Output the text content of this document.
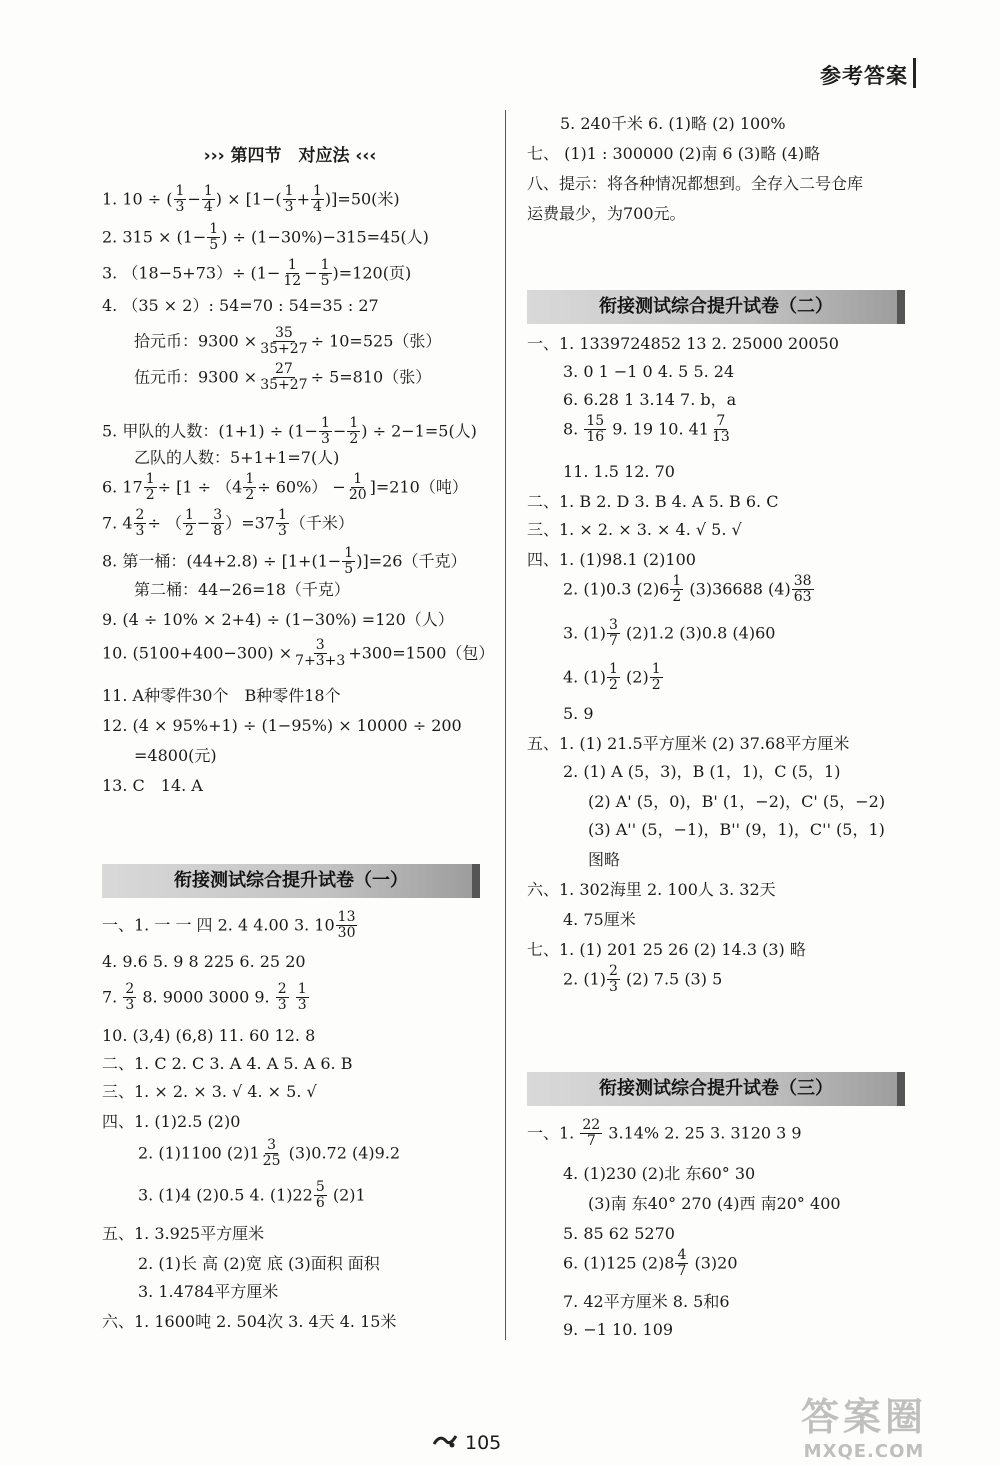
参考答案
››› 第四节　对应法 ‹‹‹
1. 10 ÷ ( $\frac{1}{3} - \frac{1}{4}$ ) × $[1-( \frac{1}{3} + \frac{1}{4} )]=50$(米)
2. $315 \times (1- \frac{1}{5}$ ) ÷ (1−30%)−315=45(人)
3. $(18-5+73)\div (1- \frac{1}{12} - \frac{1}{5} )=120$(页)
4. （35 × 2）: 54=70 : 54=35 : 27
拾元币：$9300 \times \frac{35}{35+27} \div 10=525$（张）
伍元币：$9300 \times \frac{27}{35+27} \div 5=810$（张）
5. 甲队的人数：$(1+1) \div (1- \frac{1}{3} - \frac{1}{2}$ ) ÷ 2−1=5(人)
乙队的人数：5+1+1=7(人)
6. $17 \frac{1}{2} \div [1 \div (4 \frac{1}{2} \div 60\%) - \frac{1}{20} ]=210$（吨）
7. $4 \frac{2}{3}$ ÷ （ $\frac{1}{2} - \frac{3}{8} )=37 \frac{1}{3}$ （千米）
8. 第一桶：$(44+2.8) \div [1+(1- \frac{1}{5} )]=26$（千克）
第二桶：44−26=18（千克）
9. (4 ÷ 10% × 2+4) ÷ (1−30%) =120（人）
10. $(5100+400-300) \times \frac{3}{7+3+3} +300=1500$（包）
11. A种零件30个　B种零件18个
12. (4 × 95%+1) ÷ (1−95%) × 10000 ÷ 200
=4800(元)
13. C　14. A
衔接测试综合提升试卷（一）
一、1. 一 一 四 2. 4 4.00 3. $10 \frac{13}{30}$
4. 9.6 5. 9 8 225 6. 25 20
7. $\frac{2}{3} 8$. 9000 3000 9. $\frac{2}{3}$
$\frac{1}{3}$
10. (3,4) (6,8) 11. 60 12. 8
二、1. C 2. C 3. A 4. A 5. A 6. B
三、1. × 2. × 3. √ 4. × 5. √
四、1. (1)2.5 (2)0
2. (1)1100 $(2)1 \frac{3}{25} (3)0.72$ (4)9.2
3. (1)4 (2)0.5 4. $(1)22 \frac{5}{6} (2)1$
五、1. 3.925平方厘米
2. (1)长 高 (2)宽 底 (3)面积 面积
3. 1.4784平方厘米
六、1. 1600吨 2. 504次 3. 4天 4. 15米
5. 240千米 6. (1)略 (2) 100%
七、 (1)1 : 300000 (2)南 6 (3)略 (4)略
八、提示：将各种情况都想到。全存入二号仓库
运费最少，为700元。
衔接测试综合提升试卷（二）
一、1. 1339724852 13 2. 25000 20050
3. 0 1 −1 0 4. 5 5. 24
6. 6.28 1 3.14 7. b，a
8. $\frac{15}{16} 9$. 19 10. $41 \frac{7}{13}$
11. 1.5 12. 70
二、1. B 2. D 3. B 4. A 5. B 6. C
三、1. × 2. × 3. × 4. √ 5. √
四、1. (1)98.1 (2)100
2. (1)0.3 $(2)6 \frac{1}{2} (3)36688$ $(4) \frac{38}{63}$
3. $(1) \frac{3}{7} (2)1.2$ (3)0.8 (4)60
4. $(1) \frac{1}{2} (2) \frac{1}{2}$
5. 9
五、1. (1) 21.5平方厘米 (2) 37.68平方厘米
2. (1) A (5，3)，B (1，1)，C (5，1)
(2) A' (5，0)，B' (1，−2)，C' (5，−2)
(3) A'' (5，−1)，B'' (9，1)，C'' (5，1)
图略
六、1. 302海里 2. 100人 3. 32天
4. 75厘米
七、1. (1) 201 25 26 (2) 14.3 (3) 略
2. $(1) \frac{2}{3} (2)$ 7.5 (3) 5
衔接测试综合提升试卷（三）
一、1. $\frac{22}{7} 3.14\%$ 2. 25 3. 3120 3 9
4. (1)230 (2)北 东60° 30
(3)南 东40° 270 (4)西 南20° 400
5. 85 62 5270
6. (1)125 $(2)8 \frac{4}{7} (3)20$
7. 42平方厘米 8. 5和6
9. −1 10. 109
105
答案圈
MXQE.COM
